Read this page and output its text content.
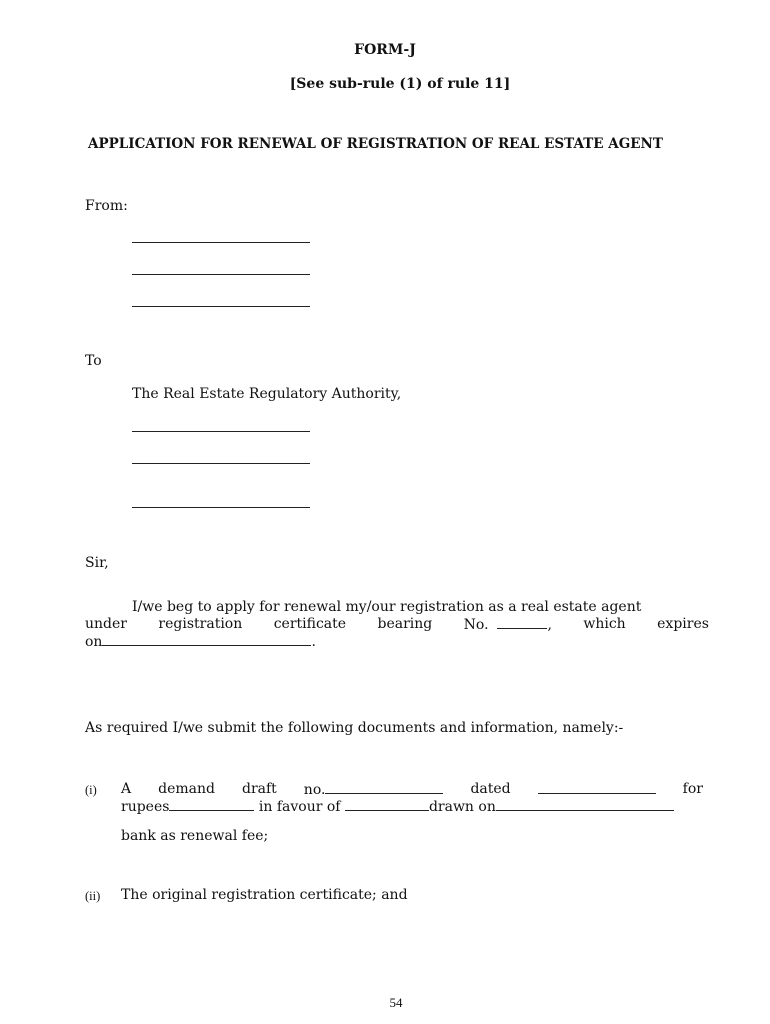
FORM-J
[See sub-rule (1) of rule 11]
APPLICATION FOR RENEWAL OF REGISTRATION OF REAL ESTATE AGENT
From:
To
The Real Estate Regulatory Authority,
Sir,
I/we beg to apply for renewal my/our registration as a real estate agent
under registration certificate bearing No.	, which expires
on	.
As required I/we submit the following documents and information, namely:-
(i) A demand draft no.	dated	for
rupees	in favour of	drawn on
bank as renewal fee;
(ii) The original registration certificate; and
54
